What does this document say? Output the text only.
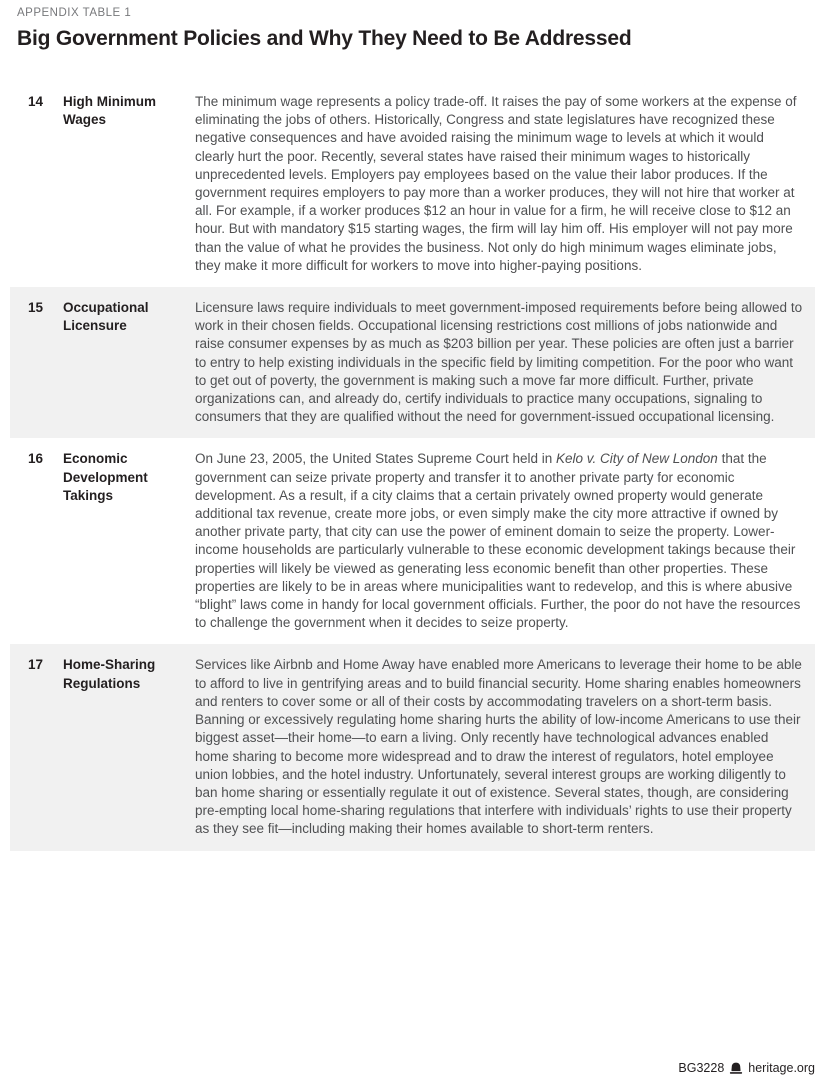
APPENDIX TABLE 1
Big Government Policies and Why They Need to Be Addressed
14	High Minimum Wages
The minimum wage represents a policy trade-off. It raises the pay of some workers at the expense of eliminating the jobs of others. Historically, Congress and state legislatures have recognized these negative consequences and have avoided raising the minimum wage to levels at which it would clearly hurt the poor. Recently, several states have raised their minimum wages to historically unprecedented levels. Employers pay employees based on the value their labor produces. If the government requires employers to pay more than a worker produces, they will not hire that worker at all. For example, if a worker produces $12 an hour in value for a firm, he will receive close to $12 an hour. But with mandatory $15 starting wages, the firm will lay him off. His employer will not pay more than the value of what he provides the business. Not only do high minimum wages eliminate jobs, they make it more difficult for workers to move into higher-paying positions.
15	Occupational Licensure
Licensure laws require individuals to meet government-imposed requirements before being allowed to work in their chosen fields. Occupational licensing restrictions cost millions of jobs nationwide and raise consumer expenses by as much as $203 billion per year. These policies are often just a barrier to entry to help existing individuals in the specific field by limiting competition. For the poor who want to get out of poverty, the government is making such a move far more difficult. Further, private organizations can, and already do, certify individuals to practice many occupations, signaling to consumers that they are qualified without the need for government-issued occupational licensing.
16	Economic Development Takings
On June 23, 2005, the United States Supreme Court held in Kelo v. City of New London that the government can seize private property and transfer it to another private party for economic development. As a result, if a city claims that a certain privately owned property would generate additional tax revenue, create more jobs, or even simply make the city more attractive if owned by another private party, that city can use the power of eminent domain to seize the property. Lower-income households are particularly vulnerable to these economic development takings because their properties will likely be viewed as generating less economic benefit than other properties. These properties are likely to be in areas where municipalities want to redevelop, and this is where abusive “blight” laws come in handy for local government officials. Further, the poor do not have the resources to challenge the government when it decides to seize property.
17	Home-Sharing Regulations
Services like Airbnb and Home Away have enabled more Americans to leverage their home to be able to afford to live in gentrifying areas and to build financial security. Home sharing enables homeowners and renters to cover some or all of their costs by accommodating travelers on a short-term basis. Banning or excessively regulating home sharing hurts the ability of low-income Americans to use their biggest asset—their home—to earn a living. Only recently have technological advances enabled home sharing to become more widespread and to draw the interest of regulators, hotel employee union lobbies, and the hotel industry. Unfortunately, several interest groups are working diligently to ban home sharing or essentially regulate it out of existence. Several states, though, are considering pre-empting local home-sharing regulations that interfere with individuals’ rights to use their property as they see fit—including making their homes available to short-term renters.
BG3228 heritage.org
